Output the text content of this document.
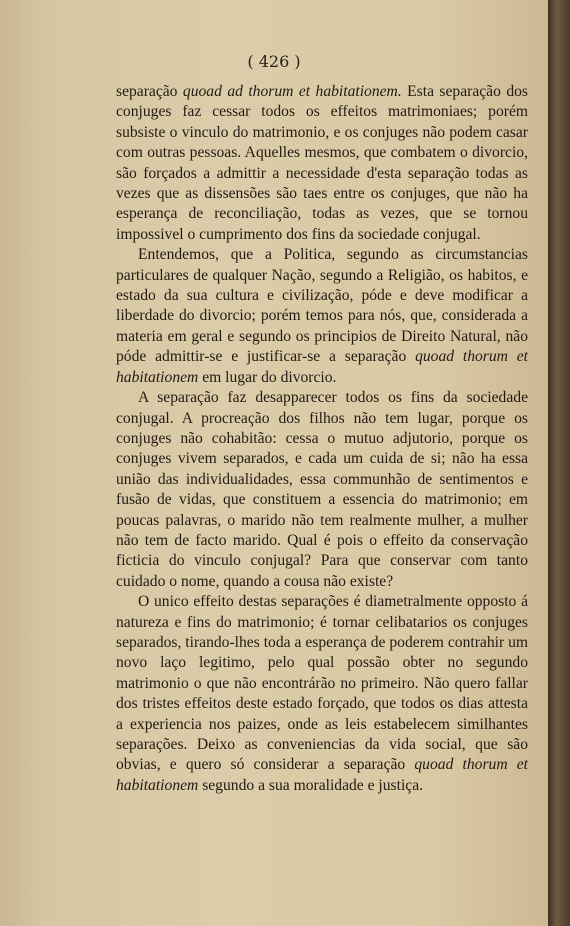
( 426 )

separação quoad ad thorum et habitationem. Esta separação dos conjuges faz cessar todos os effeitos matrimoniaes; porém subsiste o vinculo do matrimonio, e os conjuges não podem casar com outras pessoas. Aquelles mesmos, que combatem o divorcio, são forçados a admittir a necessidade d'esta separação todas as vezes que as dissensões são taes entre os conjuges, que não ha esperança de reconciliação, todas as vezes, que se tornou impossivel o cumprimento dos fins da sociedade conjugal.

Entendemos, que a Politica, segundo as circumstancias particulares de qualquer Nação, segundo a Religião, os habitos, e estado da sua cultura e civilização, póde e deve modificar a liberdade do divorcio; porém temos para nós, que, considerada a materia em geral e segundo os principios de Direito Natural, não póde admittir-se e justificar-se a separação quoad thorum et habitationem em lugar do divorcio.

A separação faz desapparecer todos os fins da sociedade conjugal. A procreação dos filhos não tem lugar, porque os conjuges não cohabitão: cessa o mutuo adjutorio, porque os conjuges vivem separados, e cada um cuida de si; não ha essa união das individualidades, essa communhão de sentimentos e fusão de vidas, que constituem a essencia do matrimonio; em poucas palavras, o marido não tem realmente mulher, a mulher não tem de facto marido. Qual é pois o effeito da conservação ficticia do vinculo conjugal? Para que conservar com tanto cuidado o nome, quando a cousa não existe?

O unico effeito destas separações é diametralmente opposto á natureza e fins do matrimonio; é tornar celibatarios os conjuges separados, tirando-lhes toda a esperança de poderem contrahir um novo laço legitimo, pelo qual possão obter no segundo matrimonio o que não encontrárão no primeiro. Não quero fallar dos tristes effeitos deste estado forçado, que todos os dias attesta a experiencia nos paizes, onde as leis estabelecem similhantes separações. Deixo as conveniencias da vida social, que são obvias, e quero só considerar a separação quoad thorum et habitationem segundo a sua moralidade e justiça.
